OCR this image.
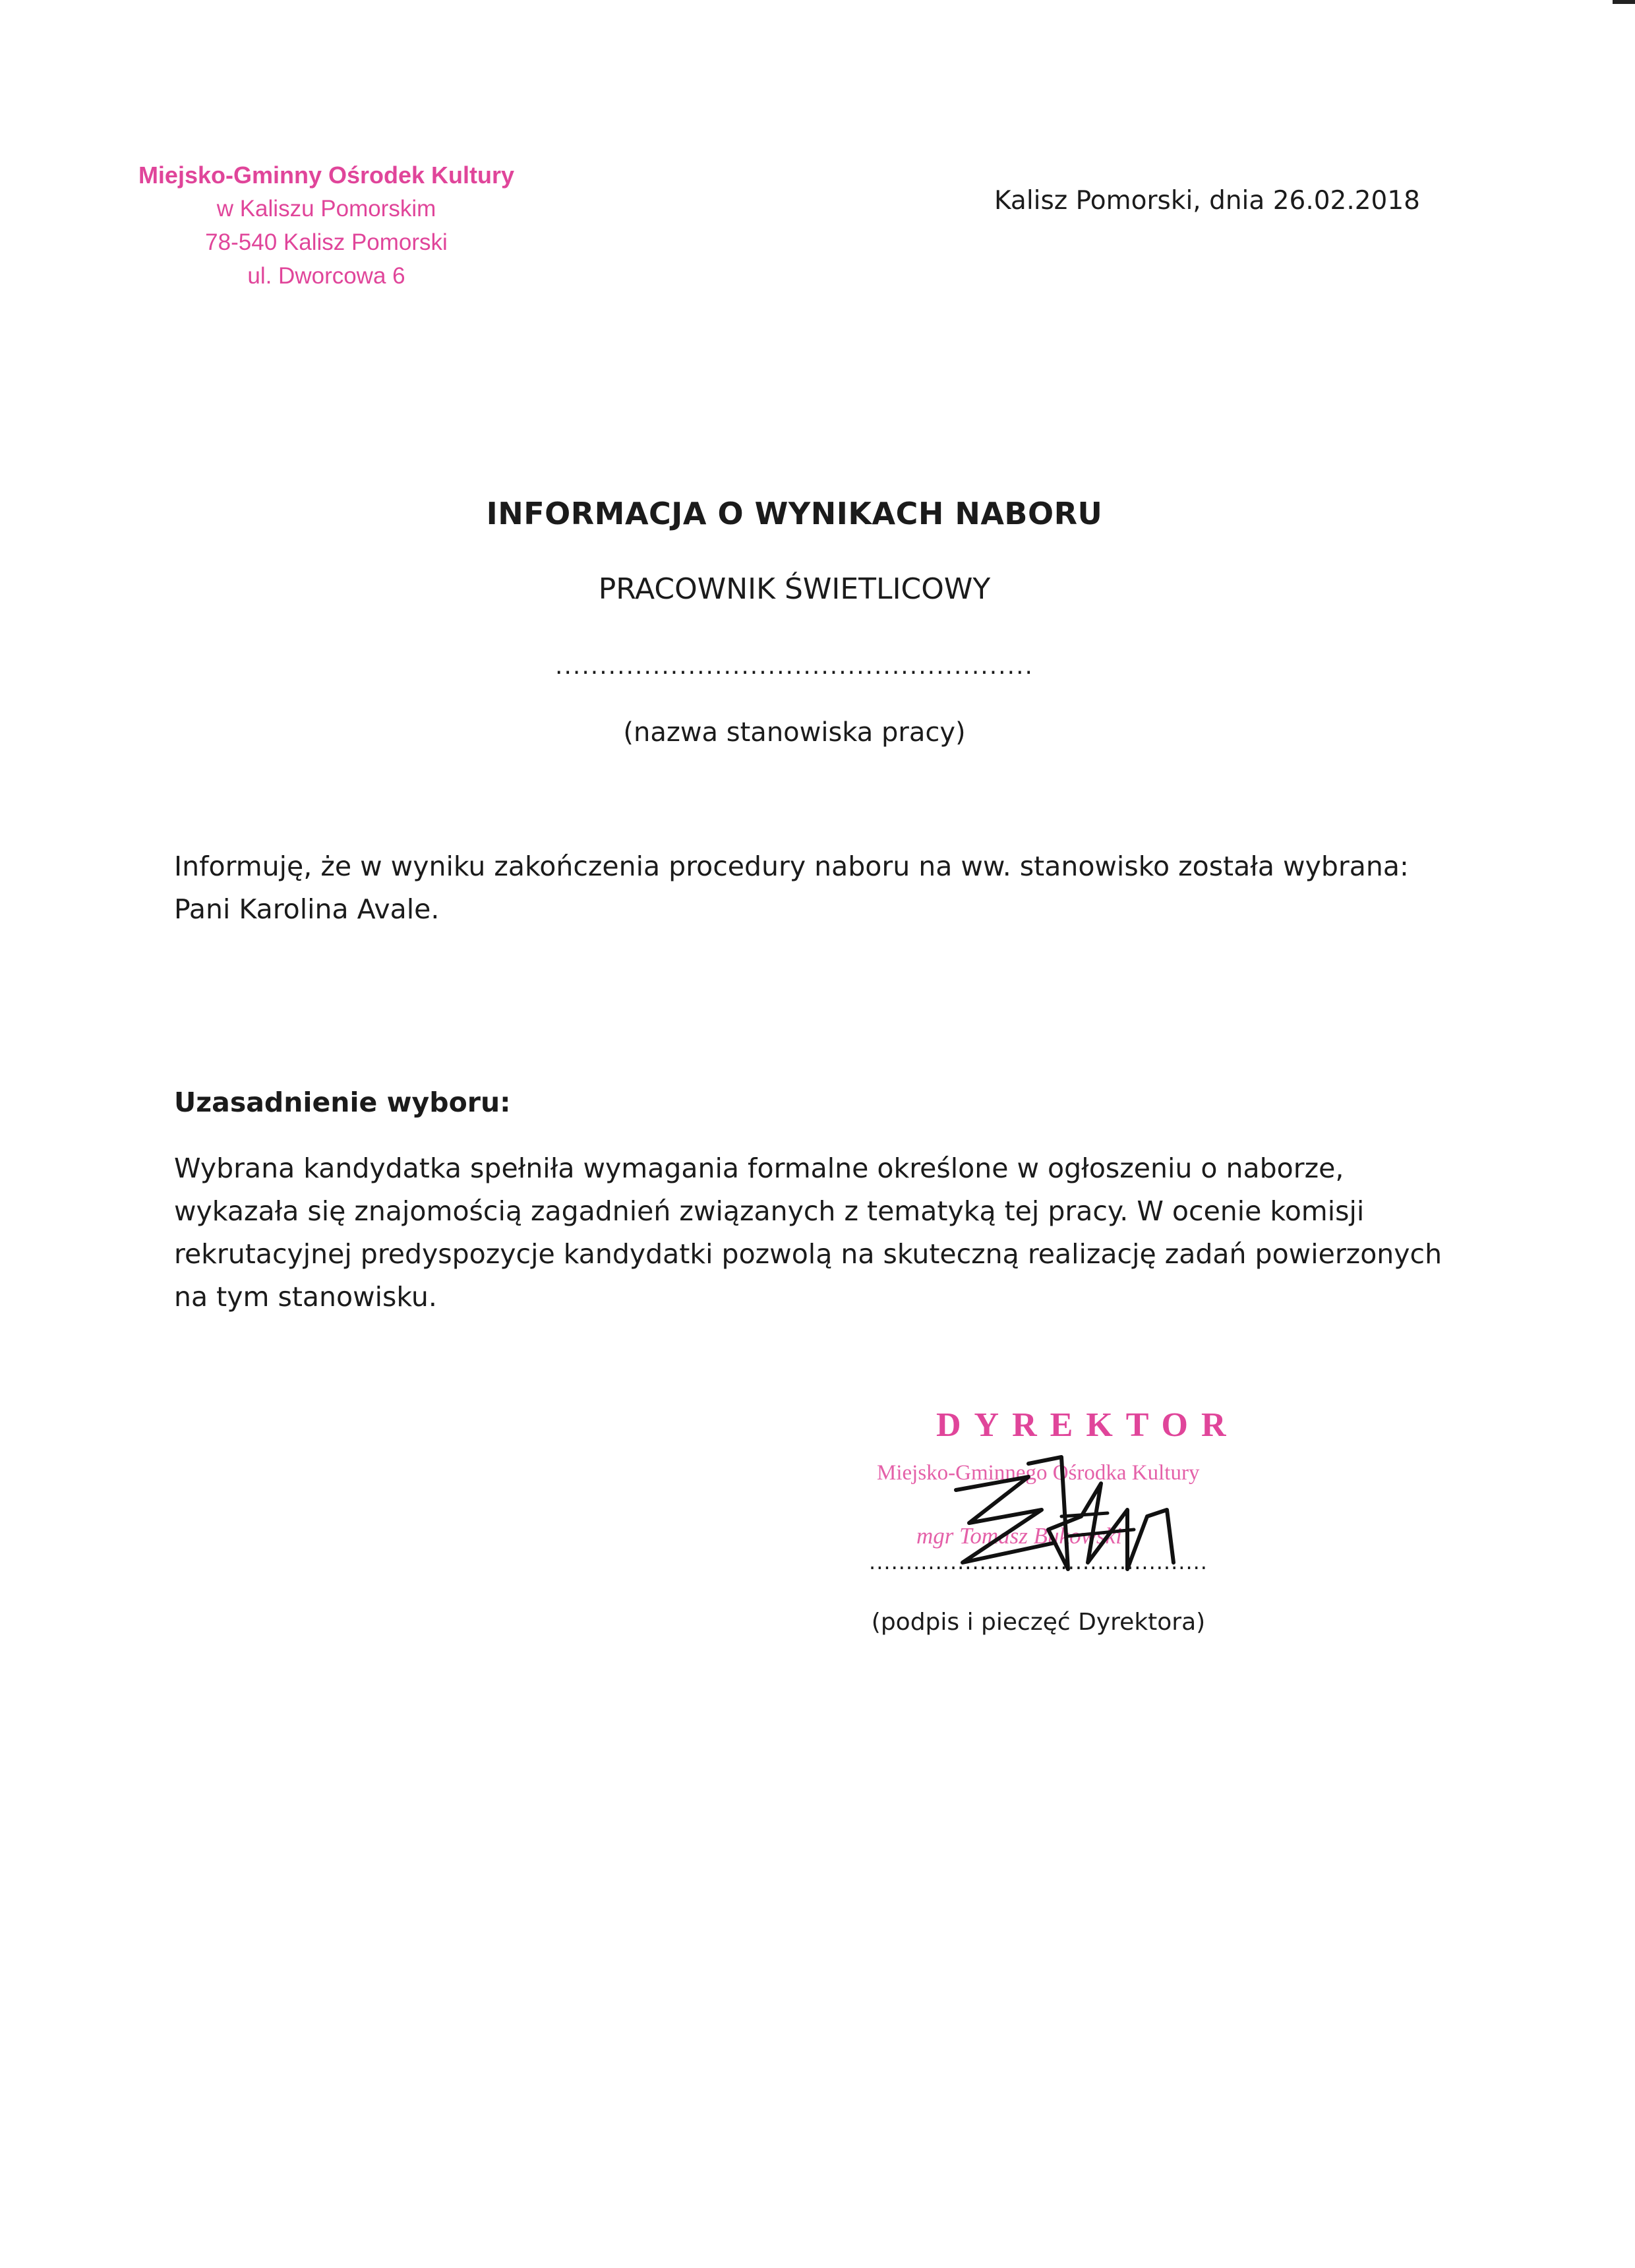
Miejsko-Gminny Ośrodek Kultury
w Kaliszu Pomorskim
78-540 Kalisz Pomorski
ul. Dworcowa 6
Kalisz Pomorski, dnia 26.02.2018
INFORMACJA O WYNIKACH NABORU
PRACOWNIK ŚWIETLICOWY
......................................................
(nazwa stanowiska pracy)
Informuję, że w wyniku zakończenia procedury naboru na ww. stanowisko została wybrana:
Pani Karolina Avale.
Uzasadnienie wyboru:
Wybrana kandydatka spełniła wymagania formalne określone w ogłoszeniu o naborze,
wykazała się znajomością zagadnień związanych z tematyką tej pracy. W ocenie komisji
rekrutacyjnej predyspozycje kandydatki pozwolą na skuteczną realizację zadań powierzonych
na tym stanowisku.
DYREKTOR
Miejsko-Gminnego Ośrodka Kultury
mgr Tomasz Bukowski
..............................................
(podpis i pieczęć Dyrektora)
